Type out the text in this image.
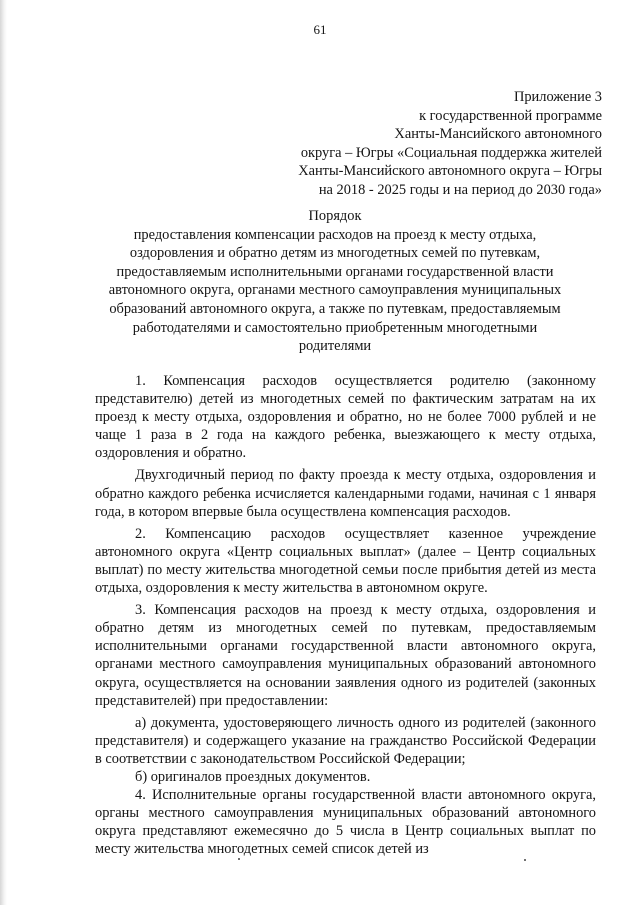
61
Приложение 3
к государственной программе
Ханты-Мансийского автономного
округа – Югры «Социальная поддержка жителей
Ханты-Мансийского автономного округа – Югры
на 2018 - 2025 годы и на период до 2030 года»
Порядок
предоставления компенсации расходов на проезд к месту отдыха,
оздоровления и обратно детям из многодетных семей по путевкам,
предоставляемым исполнительными органами государственной власти
автономного округа, органами местного самоуправления муниципальных
образований автономного округа, а также по путевкам, предоставляемым
работодателями и самостоятельно приобретенным многодетными
родителями

1. Компенсация расходов осуществляется родителю (законному представителю) детей из многодетных семей по фактическим затратам на их проезд к месту отдыха, оздоровления и обратно, но не более 7000 рублей и не чаще 1 раза в 2 года на каждого ребенка, выезжающего к месту отдыха, оздоровления и обратно.

Двухгодичный период по факту проезда к месту отдыха, оздоровления и обратно каждого ребенка исчисляется календарными годами, начиная с 1 января года, в котором впервые была осуществлена компенсация расходов.

2. Компенсацию расходов осуществляет казенное учреждение автономного округа «Центр социальных выплат» (далее – Центр социальных выплат) по месту жительства многодетной семьи после прибытия детей из места отдыха, оздоровления к месту жительства в автономном округе.

3. Компенсация расходов на проезд к месту отдыха, оздоровления и обратно детям из многодетных семей по путевкам, предоставляемым исполнительными органами государственной власти автономного округа, органами местного самоуправления муниципальных образований автономного округа, осуществляется на основании заявления одного из родителей (законных представителей) при предоставлении:

а) документа, удостоверяющего личность одного из родителей (законного представителя) и содержащего указание на гражданство Российской Федерации в соответствии с законодательством Российской Федерации;

б) оригиналов проездных документов.

4. Исполнительные органы государственной власти автономного округа, органы местного самоуправления муниципальных образований автономного округа представляют ежемесячно до 5 числа в Центр социальных выплат по месту жительства многодетных семей список детей из
